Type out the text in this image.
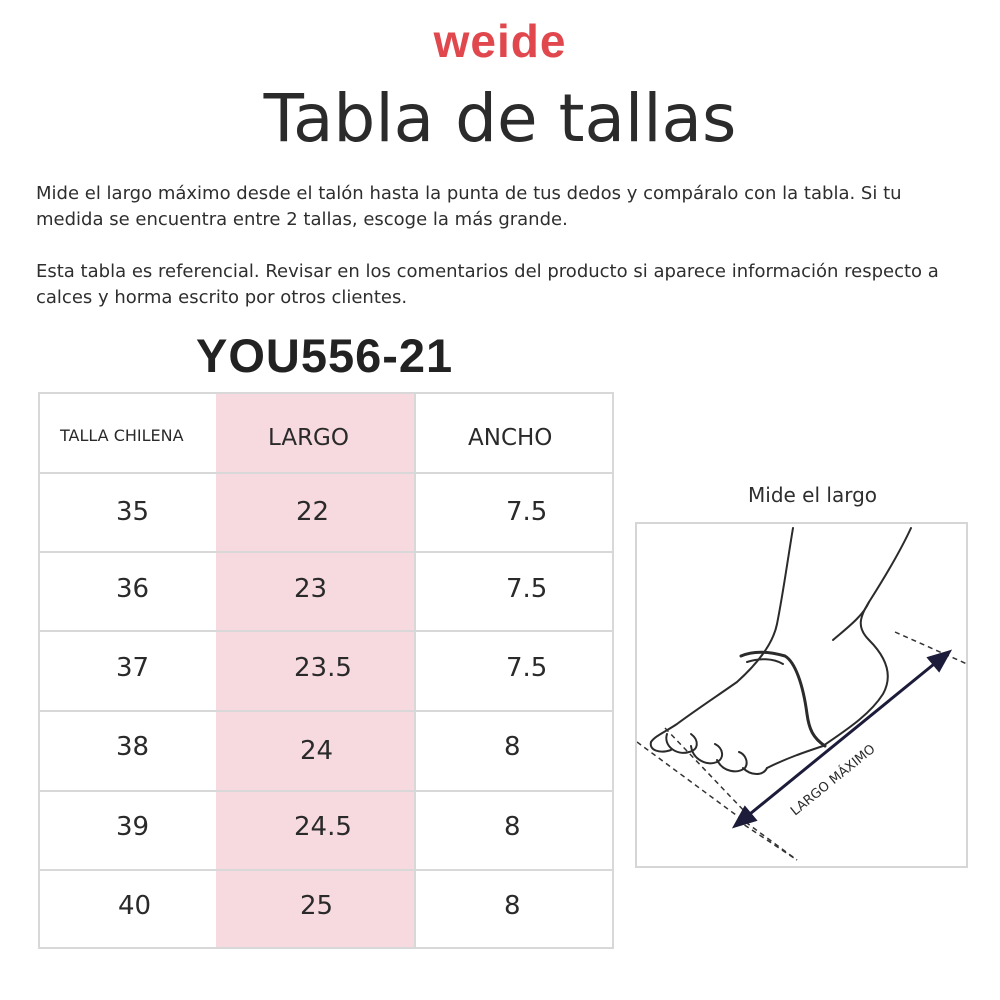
weide
Tabla de tallas

Mide el largo máximo desde el talón hasta la punta de tus dedos y compáralo con la tabla. Si tu medida se encuentra entre 2 tallas, escoge la más grande.

Esta tabla es referencial. Revisar en los comentarios del producto si aparece información respecto a calces y horma escrito por otros clientes.

YOU556-21
TALLA CHILENA	LARGO	ANCHO
35	22	7.5
36	23	7.5
37	23.5	7.5
38	24	8
39	24.5	8
40	25	8
Mide el largo
LARGO MÁXIMO
